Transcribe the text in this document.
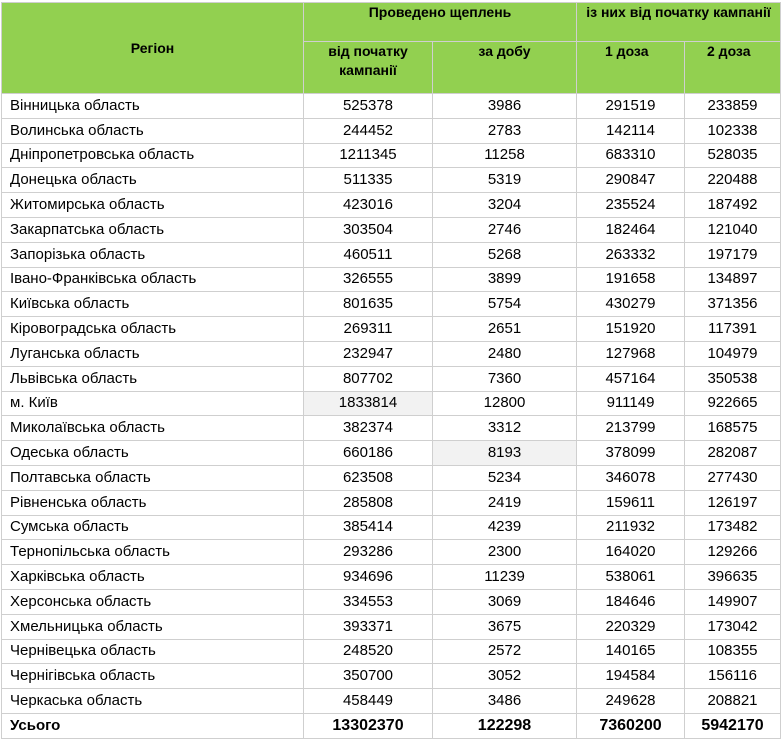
Регіон	Проведено щеплень		із них від початку кампанії	
	від початку кампанії	за добу	1 доза	2 доза
Вінницька область	525378	3986	291519	233859
Волинська область	244452	2783	142114	102338
Дніпропетровська область	1211345	11258	683310	528035
Донецька область	511335	5319	290847	220488
Житомирська область	423016	3204	235524	187492
Закарпатська область	303504	2746	182464	121040
Запорізька область	460511	5268	263332	197179
Івано-Франківська область	326555	3899	191658	134897
Київська область	801635	5754	430279	371356
Кіровоградська область	269311	2651	151920	117391
Луганська область	232947	2480	127968	104979
Львівська область	807702	7360	457164	350538
м. Київ	1833814	12800	911149	922665
Миколаївська область	382374	3312	213799	168575
Одеська область	660186	8193	378099	282087
Полтавська область	623508	5234	346078	277430
Рівненська область	285808	2419	159611	126197
Сумська область	385414	4239	211932	173482
Тернопільська область	293286	2300	164020	129266
Харківська область	934696	11239	538061	396635
Херсонська область	334553	3069	184646	149907
Хмельницька область	393371	3675	220329	173042
Чернівецька область	248520	2572	140165	108355
Чернігівська область	350700	3052	194584	156116
Черкаська область	458449	3486	249628	208821
Усього	13302370	122298	7360200	5942170
